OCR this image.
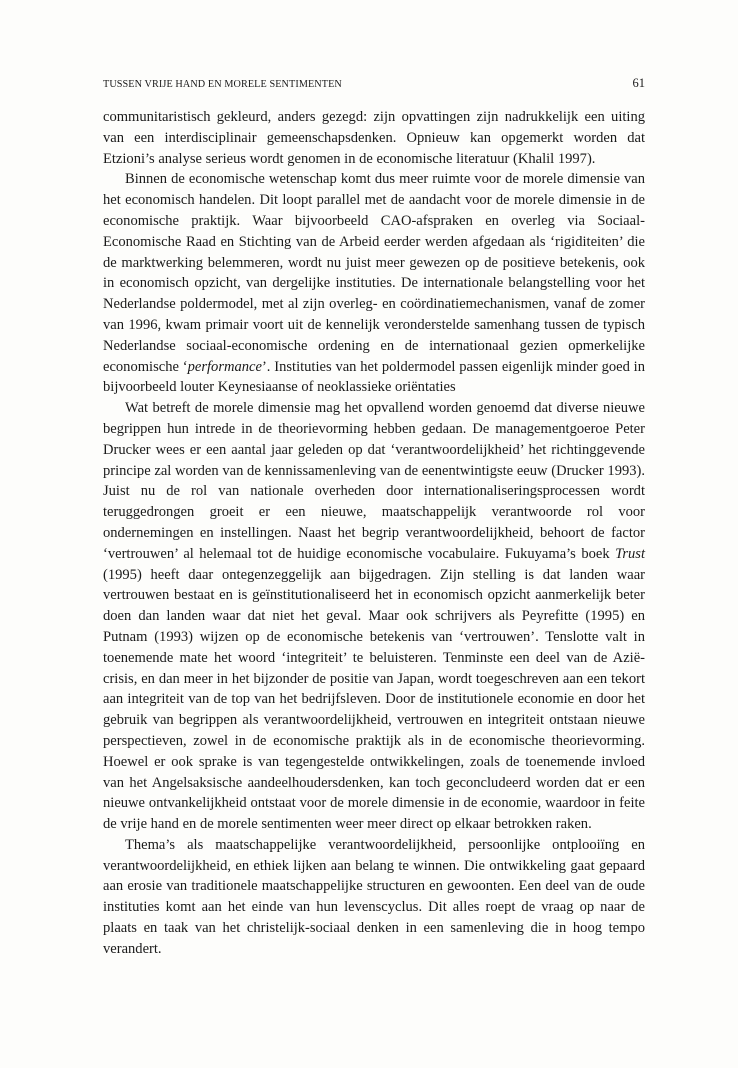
TUSSEN VRIJE HAND EN MORELE SENTIMENTEN	61

communitaristisch gekleurd, anders gezegd: zijn opvattingen zijn nadrukkelijk een uiting van een interdisciplinair gemeenschapsdenken. Opnieuw kan opgemerkt worden dat Etzioni’s analyse serieus wordt genomen in de economische literatuur (Khalil 1997).

Binnen de economische wetenschap komt dus meer ruimte voor de morele dimensie van het economisch handelen. Dit loopt parallel met de aandacht voor de morele dimensie in de economische praktijk. Waar bijvoorbeeld CAO-afspraken en overleg via Sociaal-Economische Raad en Stichting van de Arbeid eerder werden afgedaan als ‘rigiditeiten’ die de marktwerking belemmeren, wordt nu juist meer gewezen op de positieve betekenis, ook in economisch opzicht, van dergelijke instituties. De internationale belangstelling voor het Nederlandse poldermodel, met al zijn overleg- en coördinatiemechanismen, vanaf de zomer van 1996, kwam primair voort uit de kennelijk veronderstelde samenhang tussen de typisch Nederlandse sociaal-economische ordening en de internationaal gezien opmerkelijke economische ‘performance’. Instituties van het poldermodel passen eigenlijk minder goed in bijvoorbeeld louter Keynesiaanse of neoklassieke oriëntaties

Wat betreft de morele dimensie mag het opvallend worden genoemd dat diverse nieuwe begrippen hun intrede in de theorievorming hebben gedaan. De managementgoeroe Peter Drucker wees er een aantal jaar geleden op dat ‘verantwoordelijkheid’ het richtinggevende principe zal worden van de kennissamenleving van de eenentwintigste eeuw (Drucker 1993). Juist nu de rol van nationale overheden door internationaliseringsprocessen wordt teruggedrongen groeit er een nieuwe, maatschappelijk verantwoorde rol voor ondernemingen en instellingen. Naast het begrip verantwoordelijkheid, behoort de factor ‘vertrouwen’ al helemaal tot de huidige economische vocabulaire. Fukuyama’s boek Trust (1995) heeft daar ontegenzeggelijk aan bijgedragen. Zijn stelling is dat landen waar vertrouwen bestaat en is geïnstitutionaliseerd het in economisch opzicht aanmerkelijk beter doen dan landen waar dat niet het geval. Maar ook schrijvers als Peyrefitte (1995) en Putnam (1993) wijzen op de economische betekenis van ‘vertrouwen’. Tenslotte valt in toenemende mate het woord ‘integriteit’ te beluisteren. Tenminste een deel van de Azië-crisis, en dan meer in het bijzonder de positie van Japan, wordt toegeschreven aan een tekort aan integriteit van de top van het bedrijfsleven. Door de institutionele economie en door het gebruik van begrippen als verantwoordelijkheid, vertrouwen en integriteit ontstaan nieuwe perspectieven, zowel in de economische praktijk als in de economische theorievorming. Hoewel er ook sprake is van tegengestelde ontwikkelingen, zoals de toenemende invloed van het Angelsaksische aandeelhoudersdenken, kan toch geconcludeerd worden dat er een nieuwe ontvankelijkheid ontstaat voor de morele dimensie in de economie, waardoor in feite de vrije hand en de morele sentimenten weer meer direct op elkaar betrokken raken.

Thema’s als maatschappelijke verantwoordelijkheid, persoonlijke ontplooiïng en verantwoordelijkheid, en ethiek lijken aan belang te winnen. Die ontwikkeling gaat gepaard aan erosie van traditionele maatschappelijke structuren en gewoonten. Een deel van de oude instituties komt aan het einde van hun levenscyclus. Dit alles roept de vraag op naar de plaats en taak van het christelijk-sociaal denken in een samenleving die in hoog tempo verandert.
